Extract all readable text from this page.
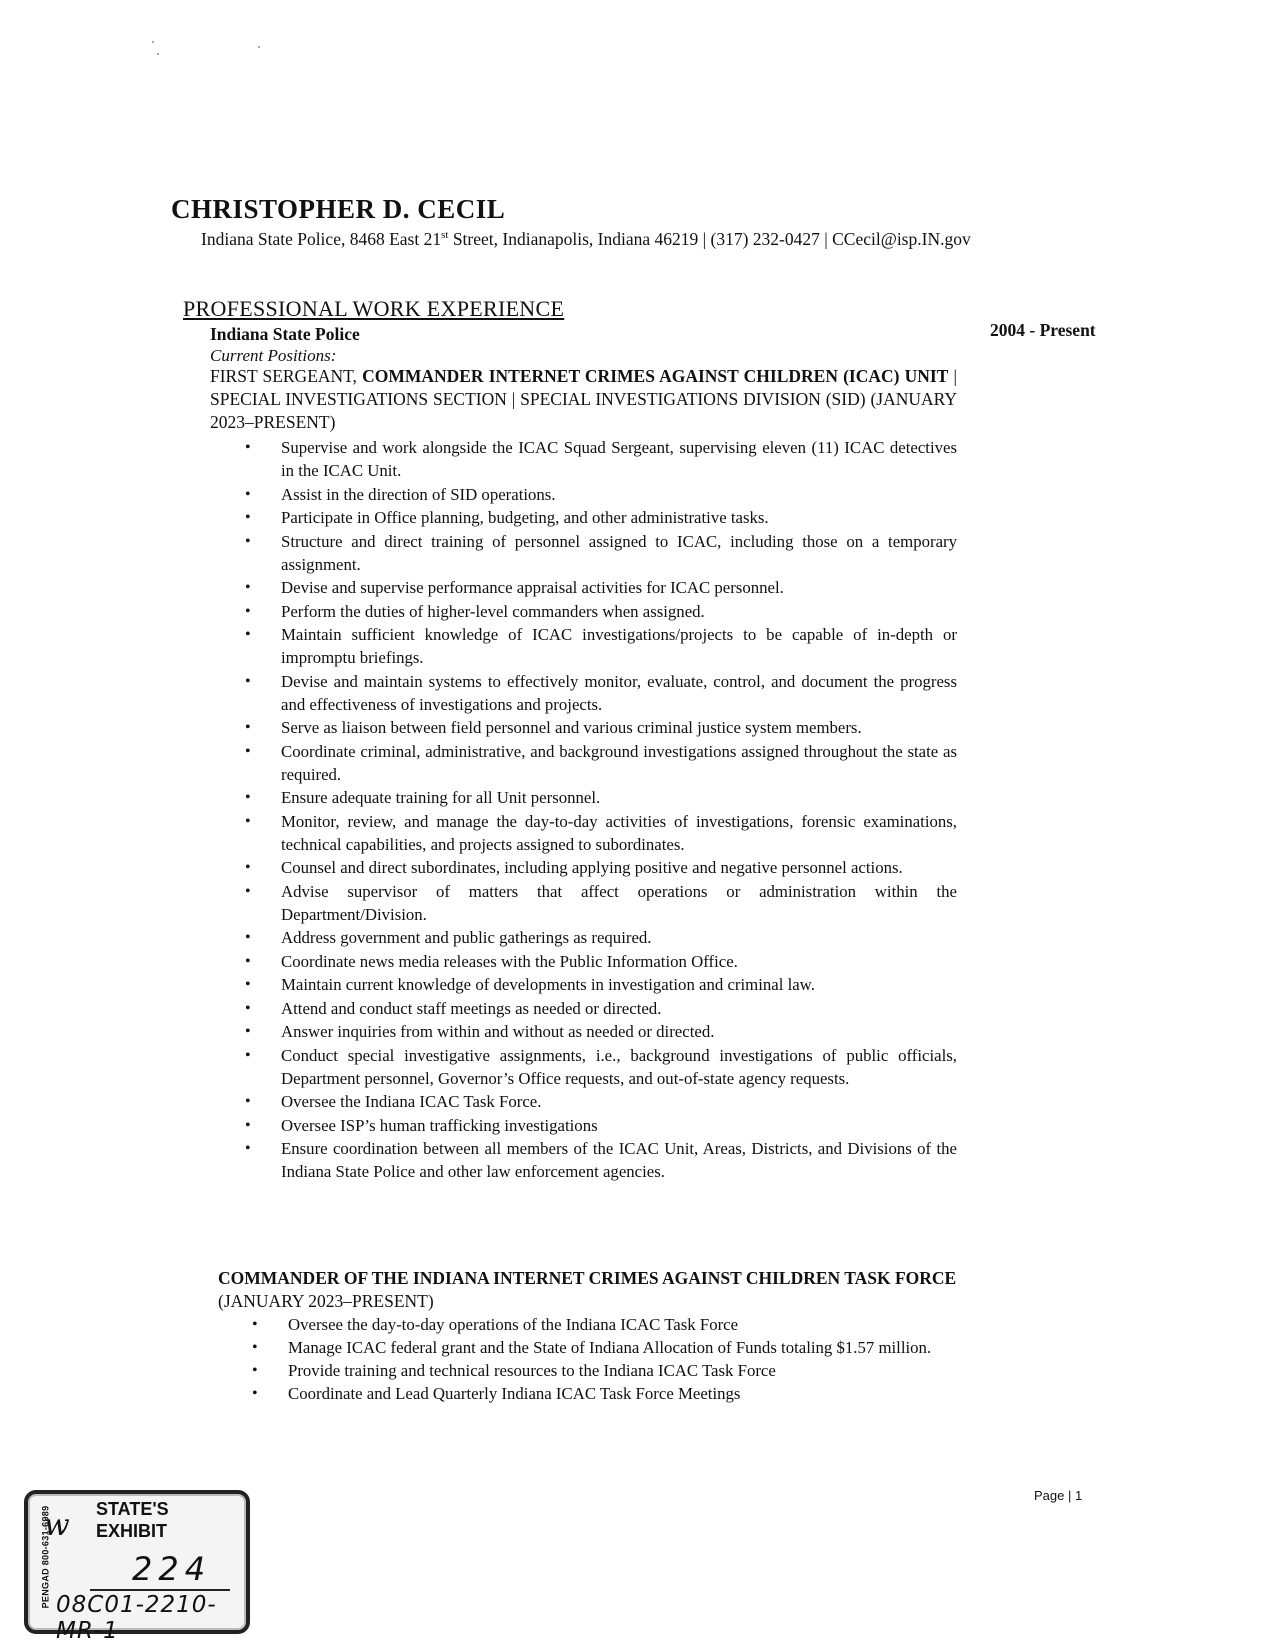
CHRISTOPHER D. CECIL
Indiana State Police, 8468 East 21st Street, Indianapolis, Indiana 46219 | (317) 232-0427 | CCecil@isp.IN.gov
PROFESSIONAL WORK EXPERIENCE
Indiana State Police	2004 - Present
Current Positions:

FIRST SERGEANT, COMMANDER INTERNET CRIMES AGAINST CHILDREN (ICAC) UNIT | SPECIAL INVESTIGATIONS SECTION | SPECIAL INVESTIGATIONS DIVISION (SID) (JANUARY 2023–PRESENT)

• Supervise and work alongside the ICAC Squad Sergeant, supervising eleven (11) ICAC detectives in the ICAC Unit.
• Assist in the direction of SID operations.
• Participate in Office planning, budgeting, and other administrative tasks.
• Structure and direct training of personnel assigned to ICAC, including those on a temporary assignment.
• Devise and supervise performance appraisal activities for ICAC personnel.
• Perform the duties of higher-level commanders when assigned.
• Maintain sufficient knowledge of ICAC investigations/projects to be capable of in-depth or impromptu briefings.
• Devise and maintain systems to effectively monitor, evaluate, control, and document the progress and effectiveness of investigations and projects.
• Serve as liaison between field personnel and various criminal justice system members.
• Coordinate criminal, administrative, and background investigations assigned throughout the state as required.
• Ensure adequate training for all Unit personnel.
• Monitor, review, and manage the day-to-day activities of investigations, forensic examinations, technical capabilities, and projects assigned to subordinates.
• Counsel and direct subordinates, including applying positive and negative personnel actions.
• Advise supervisor of matters that affect operations or administration within the Department/Division.
• Address government and public gatherings as required.
• Coordinate news media releases with the Public Information Office.
• Maintain current knowledge of developments in investigation and criminal law.
• Attend and conduct staff meetings as needed or directed.
• Answer inquiries from within and without as needed or directed.
• Conduct special investigative assignments, i.e., background investigations of public officials, Department personnel, Governor’s Office requests, and out-of-state agency requests.
• Oversee the Indiana ICAC Task Force.
• Oversee ISP’s human trafficking investigations
• Ensure coordination between all members of the ICAC Unit, Areas, Districts, and Divisions of the Indiana State Police and other law enforcement agencies.

COMMANDER OF THE INDIANA INTERNET CRIMES AGAINST CHILDREN TASK FORCE (JANUARY 2023–PRESENT)

• Oversee the day-to-day operations of the Indiana ICAC Task Force
• Manage ICAC federal grant and the State of Indiana Allocation of Funds totaling $1.57 million.
• Provide training and technical resources to the Indiana ICAC Task Force
• Coordinate and Lead Quarterly Indiana ICAC Task Force Meetings
Page | 1
PENGAD 800-631-6989
w STATE'S
EXHIBIT
224
08C01-2210-MR-1
